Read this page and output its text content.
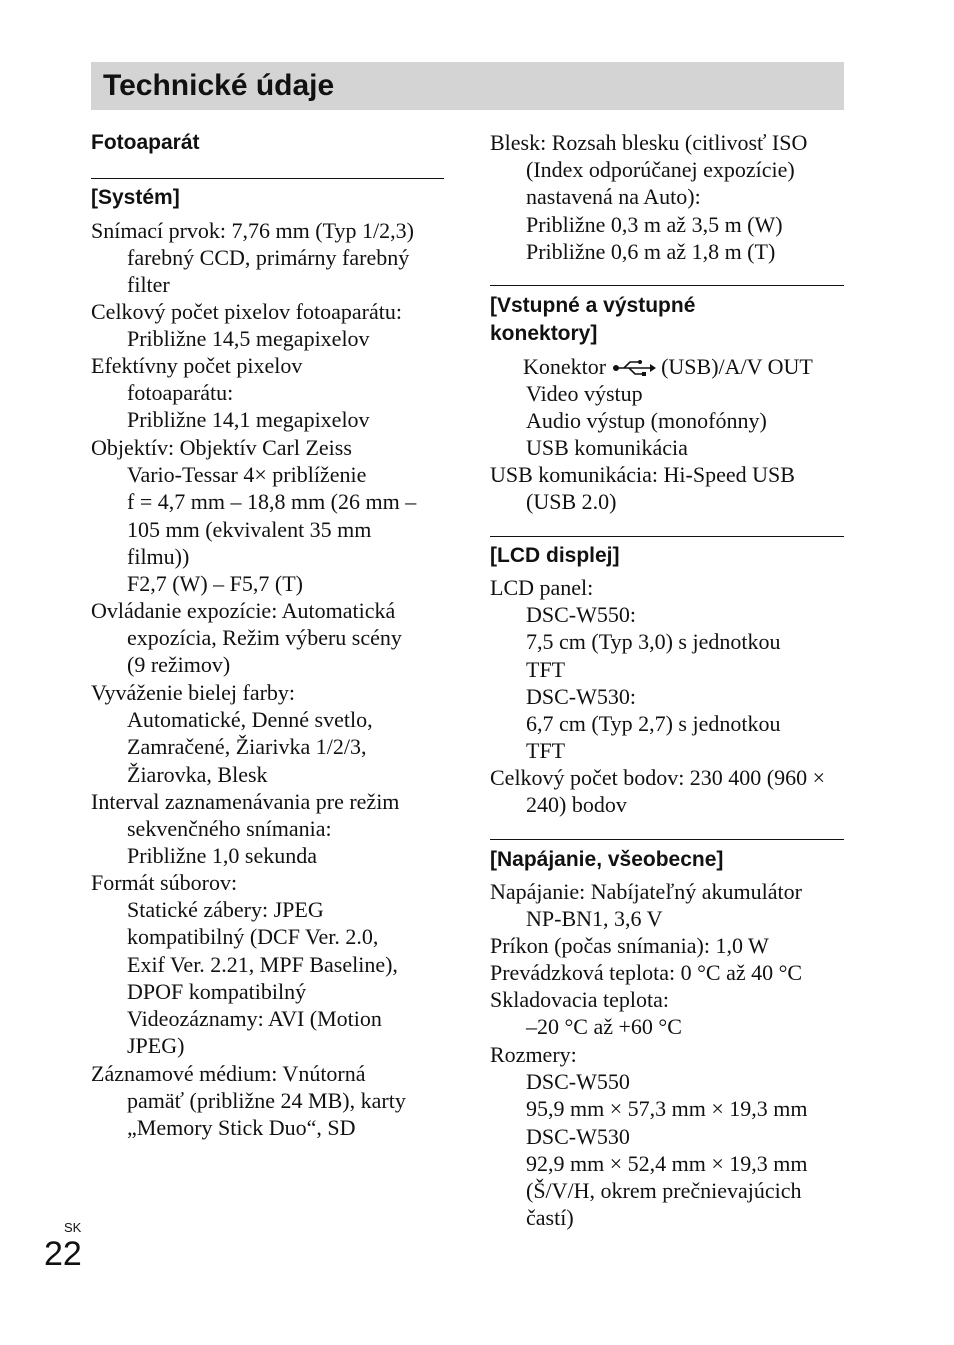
Technické údaje
Fotoaparát
[Systém]
Snímací prvok: 7,76 mm (Typ 1/2,3)
farebný CCD, primárny farebný
filter
Celkový počet pixelov fotoaparátu:
Približne 14,5 megapixelov
Efektívny počet pixelov
fotoaparátu:
Približne 14,1 megapixelov
Objektív: Objektív Carl Zeiss
Vario-Tessar 4× priblíženie
f = 4,7 mm – 18,8 mm (26 mm –
105 mm (ekvivalent 35 mm
filmu))
F2,7 (W) – F5,7 (T)
Ovládanie expozície: Automatická
expozícia, Režim výberu scény
(9 režimov)
Vyváženie bielej farby:
Automatické, Denné svetlo,
Zamračené, Žiarivka 1/2/3,
Žiarovka, Blesk
Interval zaznamenávania pre režim
sekvenčného snímania:
Približne 1,0 sekunda
Formát súborov:
Statické zábery: JPEG
kompatibilný (DCF Ver. 2.0,
Exif Ver. 2.21, MPF Baseline),
DPOF kompatibilný
Videozáznamy: AVI (Motion
JPEG)
Záznamové médium: Vnútorná
pamäť (približne 24 MB), karty
„Memory Stick Duo“, SD
Blesk: Rozsah blesku (citlivosť ISO
(Index odporúčanej expozície)
nastavená na Auto):
Približne 0,3 m až 3,5 m (W)
Približne 0,6 m až 1,8 m (T)
[Vstupné a výstupné
konektory]
Konektor	(USB)/A/V OUT
Video výstup
Audio výstup (monofónny)
USB komunikácia
USB komunikácia: Hi-Speed USB
(USB 2.0)
[LCD displej]
LCD panel:
DSC-W550:
7,5 cm (Typ 3,0) s jednotkou
TFT
DSC-W530:
6,7 cm (Typ 2,7) s jednotkou
TFT
Celkový počet bodov: 230 400 (960 ×
240) bodov
[Napájanie, všeobecne]
Napájanie: Nabíjateľný akumulátor
NP-BN1, 3,6 V
Príkon (počas snímania): 1,0 W
Prevádzková teplota: 0 °C až 40 °C
Skladovacia teplota:
–20 °C až +60 °C
Rozmery:
DSC-W550
95,9 mm × 57,3 mm × 19,3 mm
DSC-W530
92,9 mm × 52,4 mm × 19,3 mm
(Š/V/H, okrem prečnievajúcich
častí)
SK
22
